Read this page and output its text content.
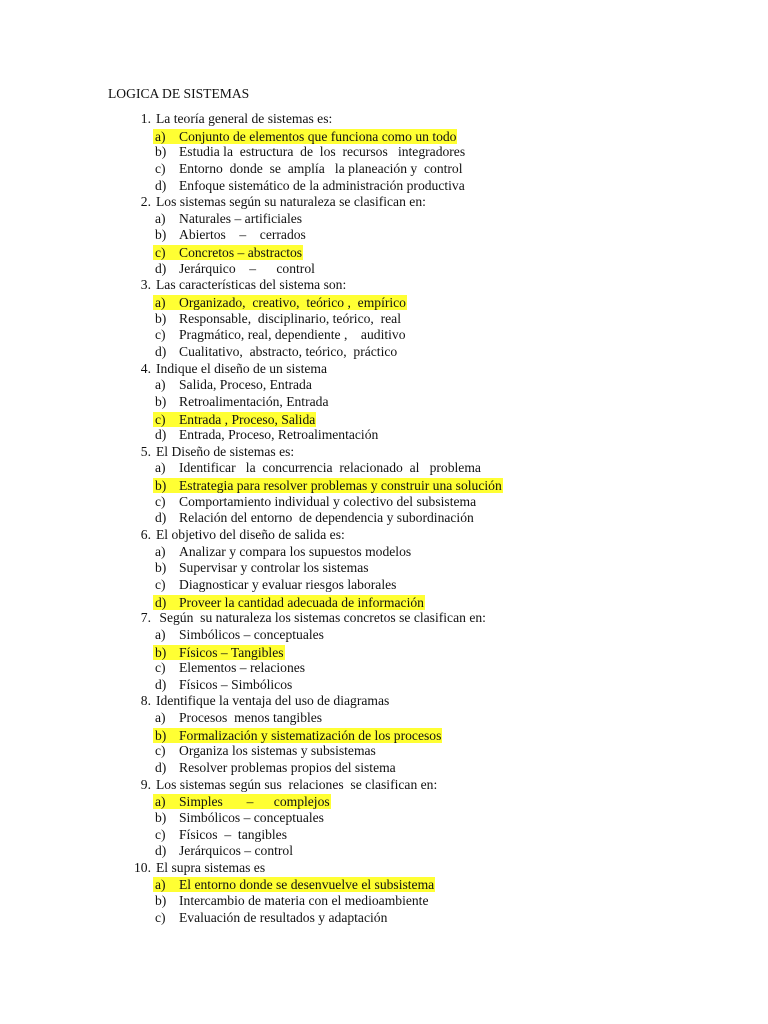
LOGICA DE SISTEMAS
1. La teoría general de sistemas es:
a) Conjunto de elementos que funciona como un todo
b) Estudia la  estructura  de  los  recursos   integradores
c) Entorno  donde  se  amplía   la planeación y  control
d) Enfoque sistemático de la administración productiva
2. Los sistemas según su naturaleza se clasifican en:
a) Naturales – artificiales
b) Abiertos    –    cerrados
c) Concretos – abstractos
d) Jerárquico    –      control
3. Las características del sistema son:
a) Organizado,  creativo,  teórico ,  empírico
b) Responsable,  disciplinario, teórico,  real
c) Pragmático, real, dependiente ,    auditivo
d) Cualitativo,  abstracto, teórico,  práctico
4. Indique el diseño de un sistema
a) Salida, Proceso, Entrada
b) Retroalimentación, Entrada
c) Entrada , Proceso, Salida
d) Entrada, Proceso, Retroalimentación
5. El Diseño de sistemas es:
a) Identificar   la  concurrencia  relacionado  al   problema
b) Estrategia para resolver problemas y construir una solución
c) Comportamiento individual y colectivo del subsistema
d) Relación del entorno  de dependencia y subordinación
6. El objetivo del diseño de salida es:
a) Analizar y compara los supuestos modelos
b) Supervisar y controlar los sistemas
c) Diagnosticar y evaluar riesgos laborales
d) Proveer la cantidad adecuada de información
7. Según  su naturaleza los sistemas concretos se clasifican en:
a) Simbólicos – conceptuales
b) Físicos – Tangibles
c) Elementos – relaciones
d) Físicos – Simbólicos
8. Identifique la ventaja del uso de diagramas
a) Procesos  menos tangibles
b) Formalización y sistematización de los procesos
c) Organiza los sistemas y subsistemas
d) Resolver problemas propios del sistema
9. Los sistemas según sus  relaciones  se clasifican en:
a) Simples       –      complejos
b) Simbólicos – conceptuales
c) Físicos  –  tangibles
d) Jerárquicos – control
10. El supra sistemas es
a) El entorno donde se desenvuelve el subsistema
b) Intercambio de materia con el medioambiente
c) Evaluación de resultados y adaptación
